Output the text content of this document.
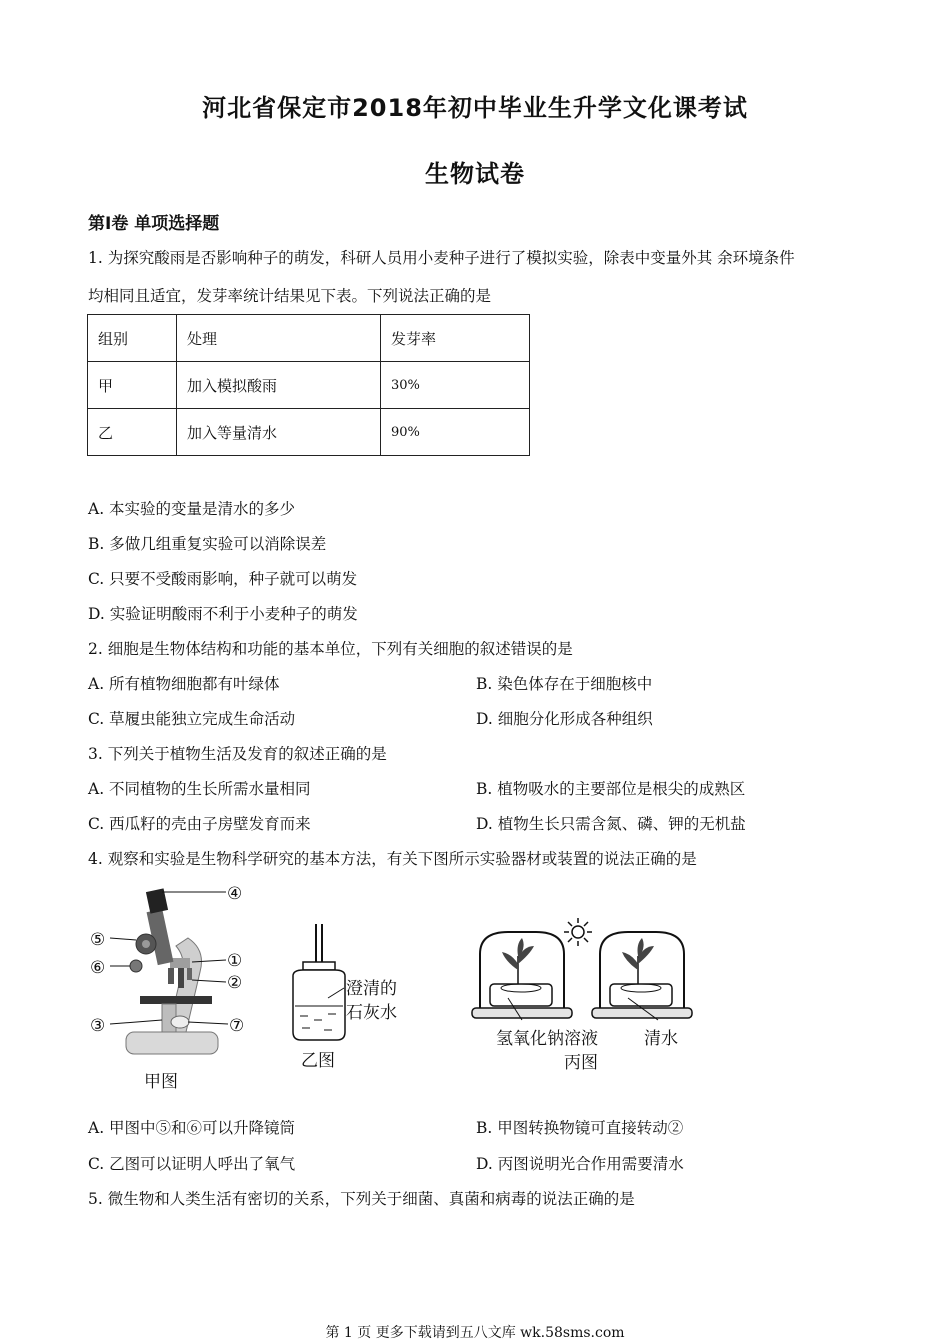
河北省保定市2018年初中毕业生升学文化课考试
生物试卷
第Ⅰ卷 单项选择题
1. 为探究酸雨是否影响种子的萌发，科研人员用小麦种子进行了模拟实验，除表中变量外其 余环境条件
均相同且适宜，发芽率统计结果见下表。下列说法正确的是
组别	处理	发芽率
甲	加入模拟酸雨	30%
乙	加入等量清水	90%
A. 本实验的变量是清水的多少
B. 多做几组重复实验可以消除误差
C. 只要不受酸雨影响，种子就可以萌发
D. 实验证明酸雨不利于小麦种子的萌发
2. 细胞是生物体结构和功能的基本单位，下列有关细胞的叙述错误的是
A. 所有植物细胞都有叶绿体	B. 染色体存在于细胞核中
C. 草履虫能独立完成生命活动	D. 细胞分化形成各种组织
3. 下列关于植物生活及发育的叙述正确的是
A. 不同植物的生长所需水量相同	B. 植物吸水的主要部位是根尖的成熟区
C. 西瓜籽的壳由子房壁发育而来	D. 植物生长只需含氮、磷、钾的无机盐
4. 观察和实验是生物科学研究的基本方法，有关下图所示实验器材或装置的说法正确的是
④
⑤
⑥	①
②
③	⑦
甲图
澄清的
石灰水
乙图
氢氧化钠溶液	清水
丙图
A. 甲图中⑤和⑥可以升降镜筒	B. 甲图转换物镜可直接转动②
C. 乙图可以证明人呼出了氧气	D. 丙图说明光合作用需要清水
5. 微生物和人类生活有密切的关系，下列关于细菌、真菌和病毒的说法正确的是
第 1 页 更多下载请到五八文库 wk.58sms.com
